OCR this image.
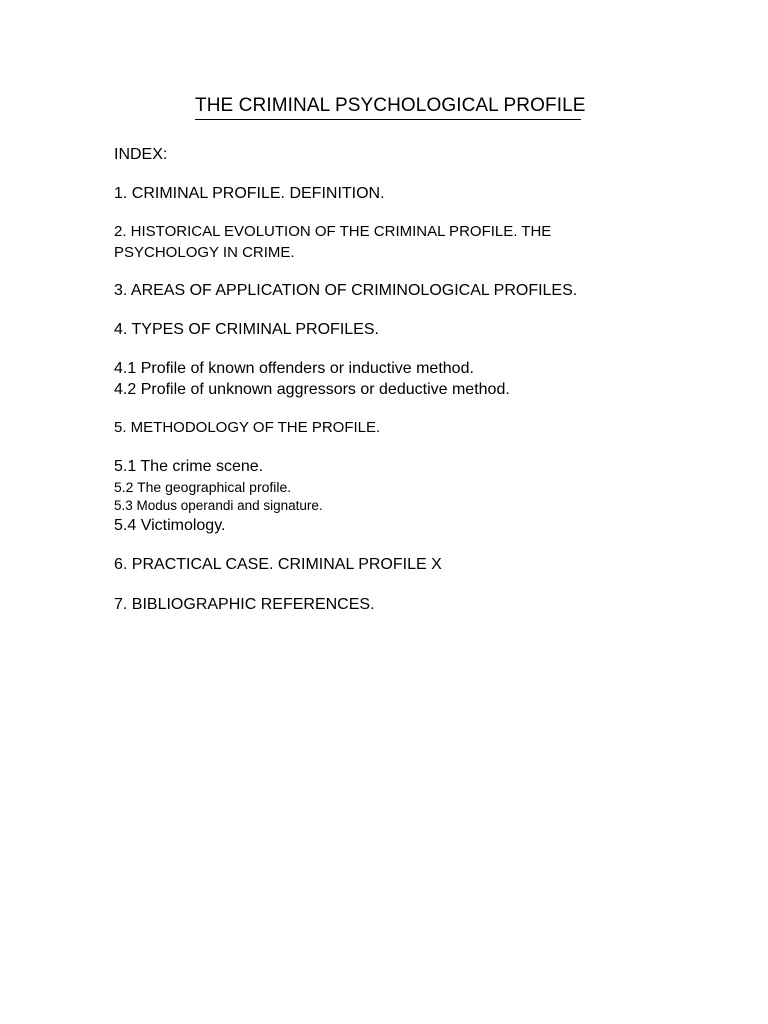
THE CRIMINAL PSYCHOLOGICAL PROFILE
INDEX:
1. CRIMINAL PROFILE. DEFINITION.
2. HISTORICAL EVOLUTION OF THE CRIMINAL PROFILE. THE
PSYCHOLOGY IN CRIME.
3. AREAS OF APPLICATION OF CRIMINOLOGICAL PROFILES.
4. TYPES OF CRIMINAL PROFILES.
4.1 Profile of known offenders or inductive method.
4.2 Profile of unknown aggressors or deductive method.
5. METHODOLOGY OF THE PROFILE.
5.1 The crime scene.
5.2 The geographical profile.
5.3 Modus operandi and signature.
5.4 Victimology.
6. PRACTICAL CASE. CRIMINAL PROFILE X
7. BIBLIOGRAPHIC REFERENCES.
